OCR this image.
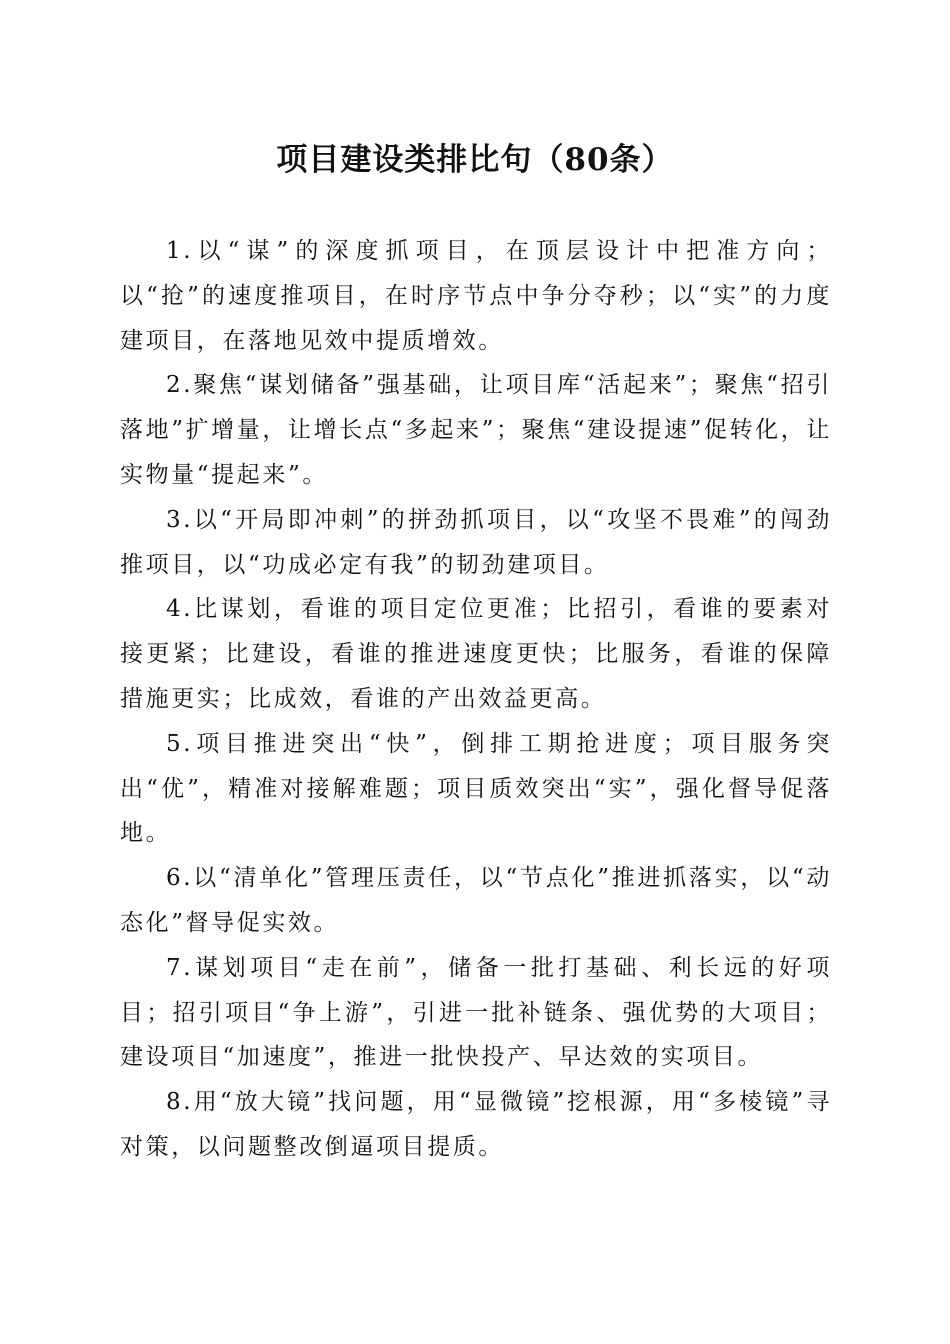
项目建设类排比句（80条）

1.以“谋”的深度抓项目，在顶层设计中把准方向；以“抢”的速度推项目，在时序节点中争分夺秒；以“实”的力度建项目，在落地见效中提质增效。

2.聚焦“谋划储备”强基础，让项目库“活起来”；聚焦“招引落地”扩增量，让增长点“多起来”；聚焦“建设提速”促转化，让实物量“提起来”。

3.以“开局即冲刺”的拼劲抓项目，以“攻坚不畏难”的闯劲推项目，以“功成必定有我”的韧劲建项目。

4.比谋划，看谁的项目定位更准；比招引，看谁的要素对接更紧；比建设，看谁的推进速度更快；比服务，看谁的保障措施更实；比成效，看谁的产出效益更高。

5.项目推进突出“快”，倒排工期抢进度；项目服务突出“优”，精准对接解难题；项目质效突出“实”，强化督导促落地。

6.以“清单化”管理压责任，以“节点化”推进抓落实，以“动态化”督导促实效。

7.谋划项目“走在前”，储备一批打基础、利长远的好项目；招引项目“争上游”，引进一批补链条、强优势的大项目；建设项目“加速度”，推进一批快投产、早达效的实项目。

8.用“放大镜”找问题，用“显微镜”挖根源，用“多棱镜”寻对策，以问题整改倒逼项目提质。
